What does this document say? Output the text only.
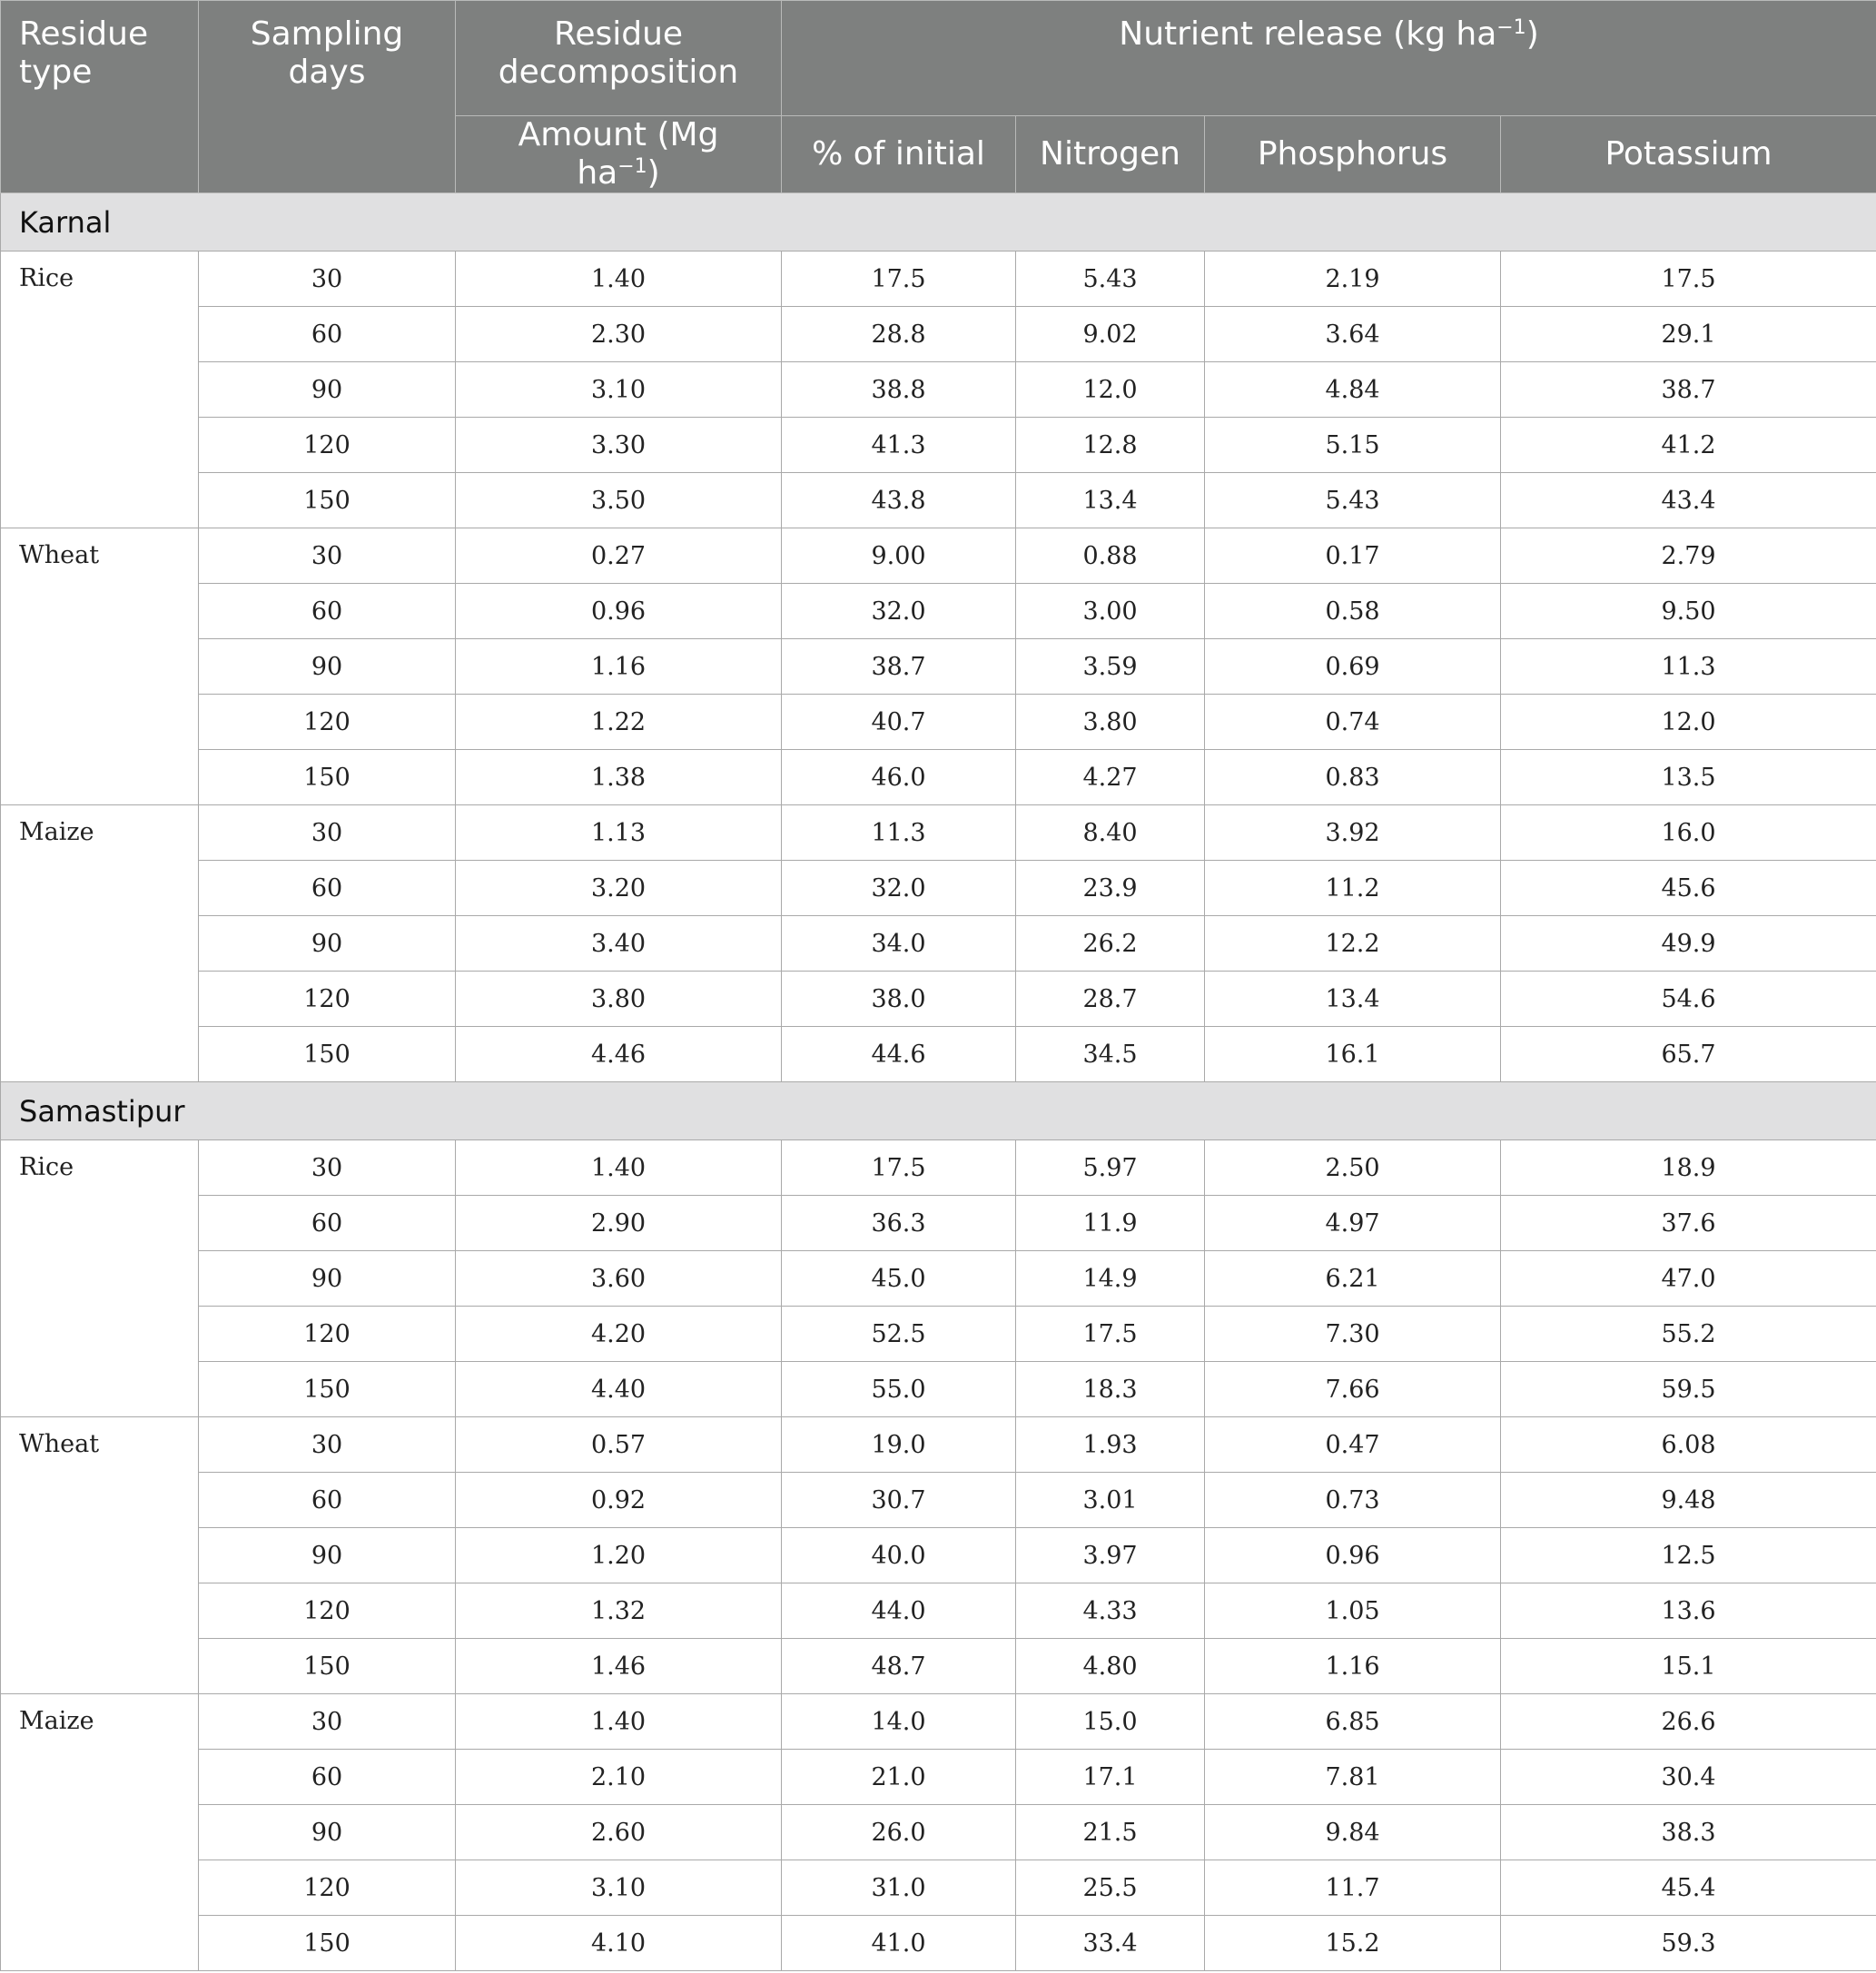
Residue type	Sampling days	Residue decomposition	Nutrient release (kg $ha^{-1}$)			
		Amount (Mg $ha^{-1}$)	% of initial	Nitrogen	Phosphorus	Potassium
Karnal						
Rice	30	1.40	17.5	5.43	2.19	17.5
	60	2.30	28.8	9.02	3.64	29.1
	90	3.10	38.8	12.0	4.84	38.7
	120	3.30	41.3	12.8	5.15	41.2
	150	3.50	43.8	13.4	5.43	43.4
Wheat	30	0.27	9.00	0.88	0.17	2.79
	60	0.96	32.0	3.00	0.58	9.50
	90	1.16	38.7	3.59	0.69	11.3
	120	1.22	40.7	3.80	0.74	12.0
	150	1.38	46.0	4.27	0.83	13.5
Maize	30	1.13	11.3	8.40	3.92	16.0
	60	3.20	32.0	23.9	11.2	45.6
	90	3.40	34.0	26.2	12.2	49.9
	120	3.80	38.0	28.7	13.4	54.6
	150	4.46	44.6	34.5	16.1	65.7
Samastipur						
Rice	30	1.40	17.5	5.97	2.50	18.9
	60	2.90	36.3	11.9	4.97	37.6
	90	3.60	45.0	14.9	6.21	47.0
	120	4.20	52.5	17.5	7.30	55.2
	150	4.40	55.0	18.3	7.66	59.5
Wheat	30	0.57	19.0	1.93	0.47	6.08
	60	0.92	30.7	3.01	0.73	9.48
	90	1.20	40.0	3.97	0.96	12.5
	120	1.32	44.0	4.33	1.05	13.6
	150	1.46	48.7	4.80	1.16	15.1
Maize	30	1.40	14.0	15.0	6.85	26.6
	60	2.10	21.0	17.1	7.81	30.4
	90	2.60	26.0	21.5	9.84	38.3
	120	3.10	31.0	25.5	11.7	45.4
	150	4.10	41.0	33.4	15.2	59.3
